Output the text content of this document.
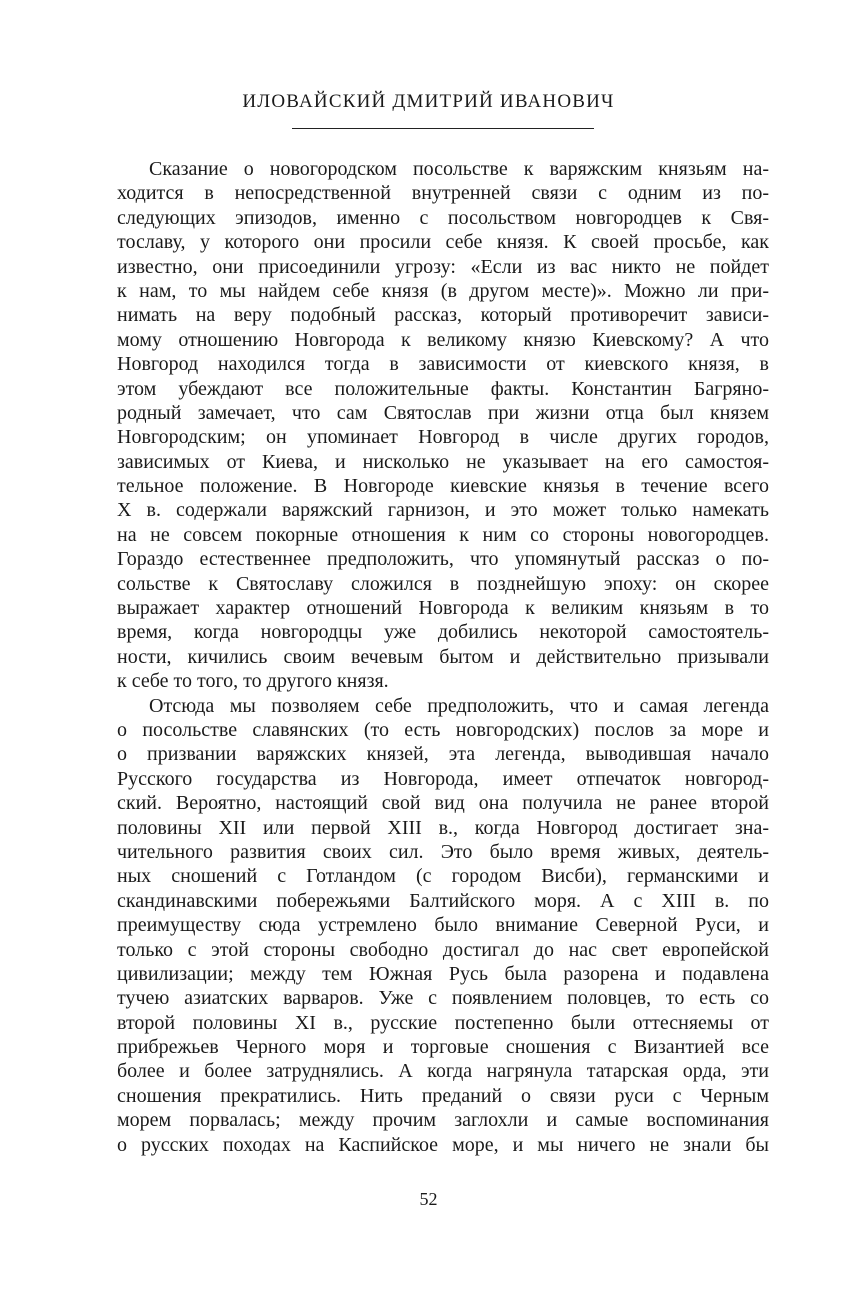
ИЛОВАЙСКИЙ ДМИТРИЙ ИВАНОВИЧ
Сказание о новогородском посольстве к варяжским князьям на-
ходится в непосредственной внутренней связи с одним из по-
следующих эпизодов, именно с посольством новгородцев к Свя-
тославу, у которого они просили себе князя. К своей просьбе, как
известно, они присоединили угрозу: «Если из вас никто не пойдет
к нам, то мы найдем себе князя (в другом месте)». Можно ли при-
нимать на веру подобный рассказ, который противоречит зависи-
мому отношению Новгорода к великому князю Киевскому? А что
Новгород находился тогда в зависимости от киевского князя, в
этом убеждают все положительные факты. Константин Багряно-
родный замечает, что сам Святослав при жизни отца был князем
Новгородским; он упоминает Новгород в числе других городов,
зависимых от Киева, и нисколько не указывает на его самостоя-
тельное положение. В Новгороде киевские князья в течение всего
X в. содержали варяжский гарнизон, и это может только намекать
на не совсем покорные отношения к ним со стороны новогородцев.
Гораздо естественнее предположить, что упомянутый рассказ о по-
сольстве к Святославу сложился в позднейшую эпоху: он скорее
выражает характер отношений Новгорода к великим князьям в то
время, когда новгородцы уже добились некоторой самостоятель-
ности, кичились своим вечевым бытом и действительно призывали
к себе то того, то другого князя.
Отсюда мы позволяем себе предположить, что и самая легенда
о посольстве славянских (то есть новгородских) послов за море и
о призвании варяжских князей, эта легенда, выводившая начало
Русского государства из Новгорода, имеет отпечаток новгород-
ский. Вероятно, настоящий свой вид она получила не ранее второй
половины XII или первой XIII в., когда Новгород достигает зна-
чительного развития своих сил. Это было время живых, деятель-
ных сношений с Готландом (с городом Висби), германскими и
скандинавскими побережьями Балтийского моря. А с XIII в. по
преимуществу сюда устремлено было внимание Северной Руси, и
только с этой стороны свободно достигал до нас свет европейской
цивилизации; между тем Южная Русь была разорена и подавлена
тучею азиатских варваров. Уже с появлением половцев, то есть со
второй половины XI в., русские постепенно были оттесняемы от
прибрежьев Черного моря и торговые сношения с Византией все
более и более затруднялись. А когда нагрянула татарская орда, эти
сношения прекратились. Нить преданий о связи руси с Черным
морем порвалась; между прочим заглохли и самые воспоминания
о русских походах на Каспийское море, и мы ничего не знали бы
52
